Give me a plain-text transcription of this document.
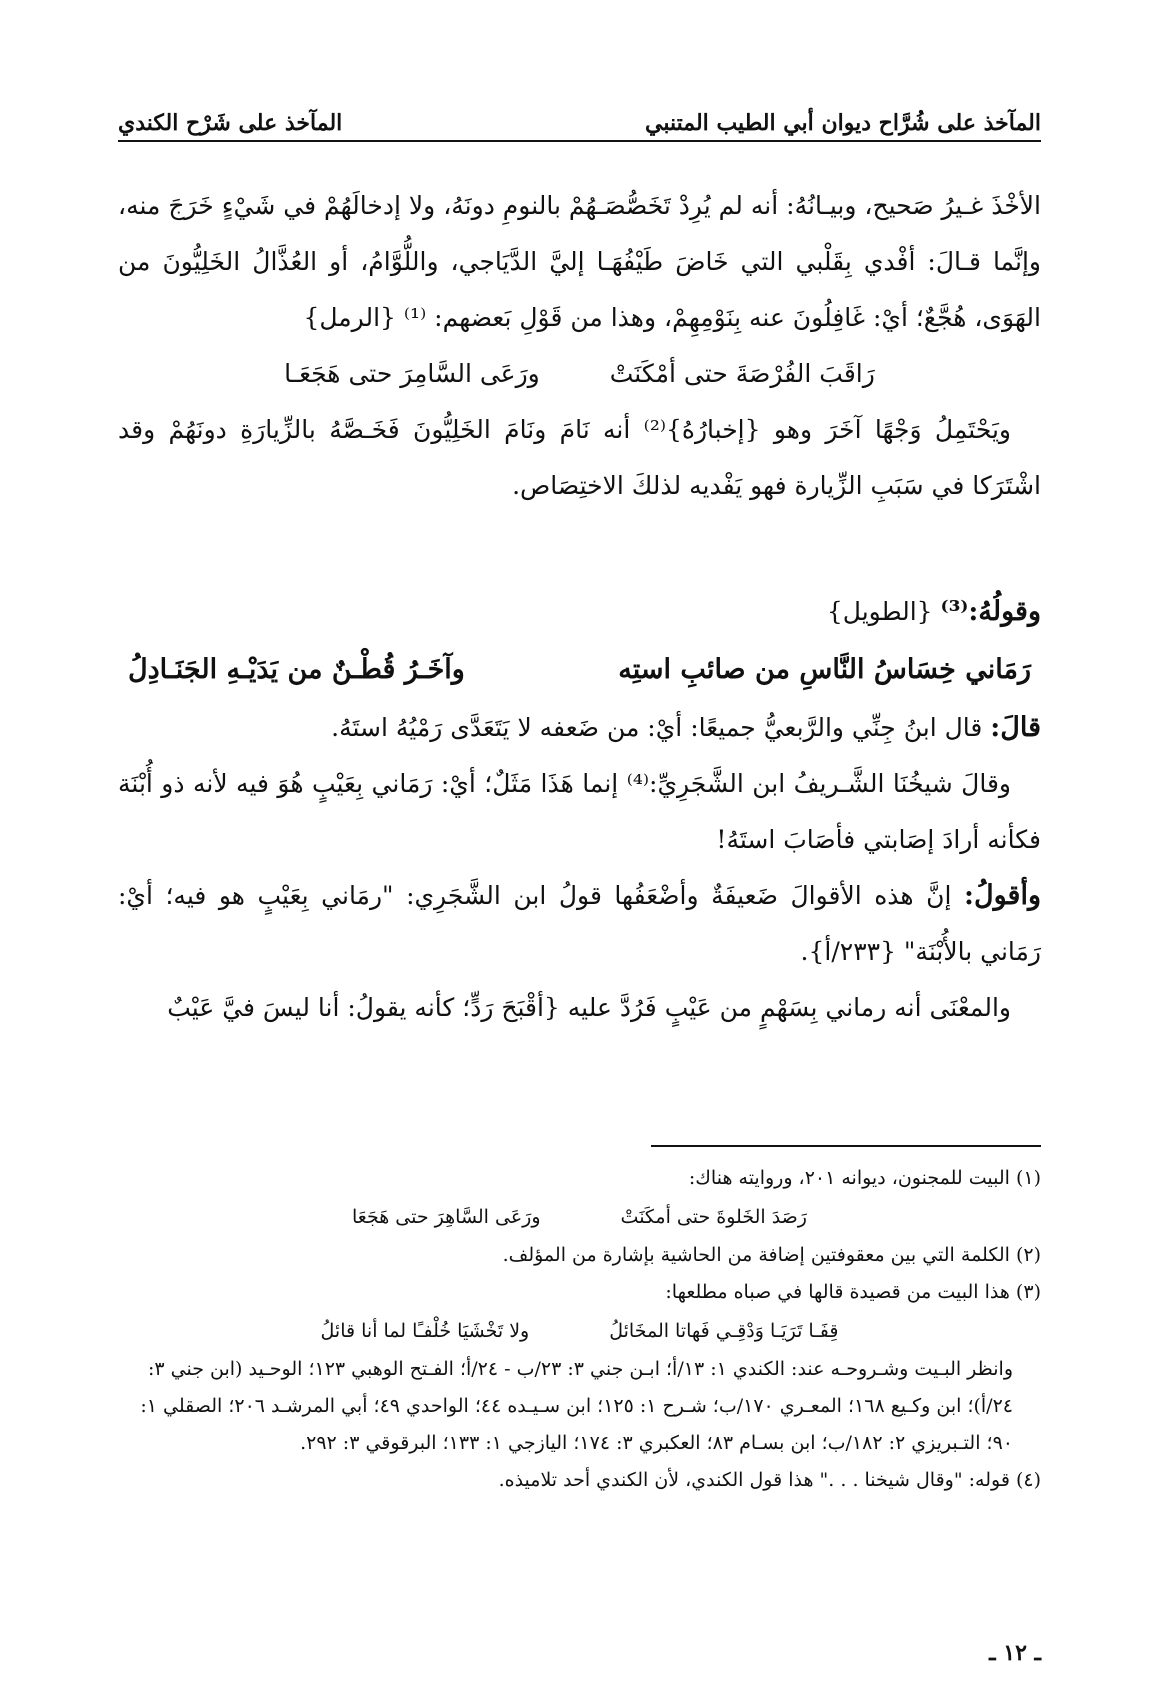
المآخذ على شُرَّاح ديوان أبي الطيب المتنبي
المآخذ على شَرْح الكندي

الأخْذَ غـيرُ صَحيح، وبيـانُهُ: أنه لم يُرِدْ تَخَصُّصَـهُمْ بالنومِ دونَهُ، ولا إدخالَهُمْ في شَيْءٍ خَرَجَ منه، وإنَّما قـالَ: أفْدي بِقَلْبي التي خَاضَ طَيْفُهَـا إليَّ الدَّيَاجي، واللُّوَّامُ، أو العُذَّالُ الخَلِيُّونَ من الهَوَى، هُجَّعٌ؛ أيْ: غَافِلُونَ عنه بِنَوْمِهِمْ، وهذا من قَوْلِ بَعضهم: ⁽¹⁾ {الرمل}

رَاقَبَ الفُرْصَةَ حتى أمْكَنَتْ
ورَعَى السَّامِرَ حتى هَجَعَـا

ويَحْتَمِلُ وَجْهًا آخَرَ وهو {إخبارُهُ}⁽²⁾ أنه نَامَ ونَامَ الخَلِيُّونَ فَخَـصَّهُ بالزِّيارَةِ دونَهُمْ وقد اشْتَرَكا في سَبَبِ الزِّيارة فهو يَفْديه لذلكَ الاختِصَاص.

وقولُهُ:⁽³⁾ {الطويل}

رَمَاني خِسَاسُ النَّاسِ من صائبِ استِه
وآخَـرُ قُطْـنٌ من يَدَيْـهِ الجَنَـادِلُ

قالَ: قال ابنُ جِنِّي والرَّبعيُّ جميعًا: أيْ: من ضَعفه لا يَتَعَدَّى رَمْيُهُ استَهُ.

وقالَ شيخُنَا الشَّـريفُ ابن الشَّجَرِيِّ:⁽⁴⁾ إنما هَذَا مَثَلٌ؛ أيْ: رَمَاني بِعَيْبٍ هُوَ فيه لأنه ذو أُبْنَة فكأنه أرادَ إصَابتي فأصَابَ استَهُ!

وأقولُ: إنَّ هذه الأقوالَ ضَعيفَةٌ وأضْعَفُها قولُ ابن الشَّجَرِي: "رمَاني بِعَيْبٍ هو فيه؛ أيْ: رَمَاني بالأُبْنَة" {٢٣٣/أ}.

والمعْنَى أنه رماني بِسَهْمٍ من عَيْبٍ فَرُدَّ عليه {أقْبَحَ رَدٍّ؛ كأنه يقولُ: أنا ليسَ فيَّ عَيْبٌ

(١) البيت للمجنون، ديوانه ٢٠١، وروايته هناك:
رَصَدَ الخَلوةَ حتى أمكَنَتْ
ورَعَى السَّاهِرَ حتى هَجَعَا
(٢) الكلمة التي بين معقوفتين إضافة من الحاشية بإشارة من المؤلف.
(٣) هذا البيت من قصيدة قالها في صباه مطلعها:
قِفَـا تَرَيَـا وَدْقِـي فَهاتا المخَائلُ
ولا تَخْشَيَا خُلْفـًا لما أنا قائلُ
وانظر البـيت وشـروحـه عند: الكندي ١: ١٣/أ؛ ابـن جني ٣: ٢٣/ب - ٢٤/أ؛ الفـتح الوهبي ١٢٣؛ الوحـيد (ابن جني ٣: ٢٤/أ)؛ ابن وكـيع ١٦٨؛ المعـري ١٧٠/ب؛ شـرح ١: ١٢٥؛ ابن سـيـده ٤٤؛ الواحدي ٤٩؛ أبي المرشـد ٢٠٦؛ الصقلي ١: ٩٠؛ التـبريزي ٢: ١٨٢/ب؛ ابن بسـام ٨٣؛ العكبري ٣: ١٧٤؛ اليازجي ١: ١٣٣؛ البرقوقي ٣: ٢٩٢.
(٤) قوله: "وقال شيخنا . . ." هذا قول الكندي، لأن الكندي أحد تلاميذه.
ـ ١٢ ـ
